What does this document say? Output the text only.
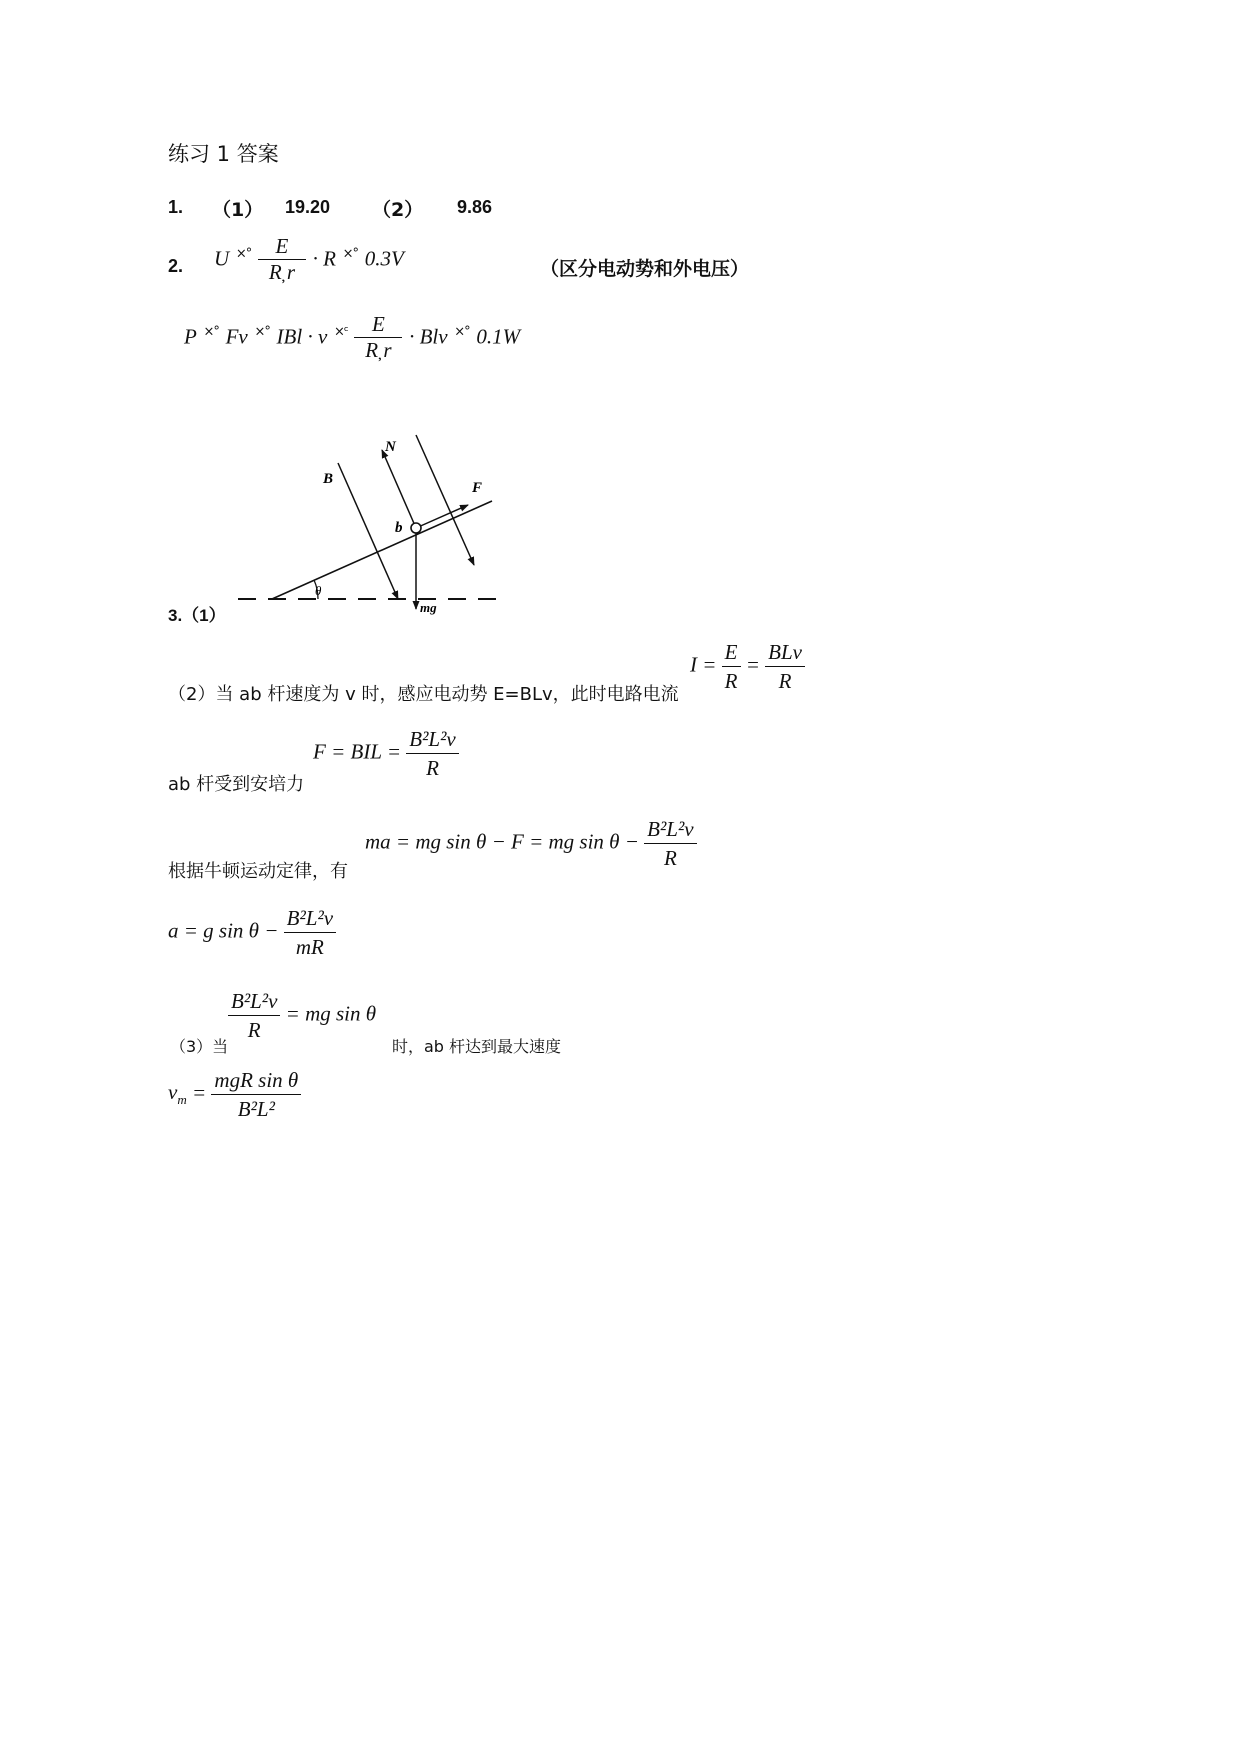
练习 1 答案
1. （1） 19.20 （2） 9.86
2. U $^{\times^\circ} \frac{E}{R̦ r} \cdot R$ ×° 0.3V	（区分电动势和外电压）
P ×° Fv ×° IBl · v $^{\times ᶜ} \frac{E}{R̦ r}$ · Blv ×° 0.1W
B
N
F
b
θ
mg
3.（1）
（2）当 ab 杆速度为 v 时，感应电动势 E=BLv，此时电路电流
$I = \frac{E}{R} = \frac{\text{BLv}}{R}$
ab 杆受到安培力
F = BIL = $\frac{\text{B²L²v}}{R}$
根据牛顿运动定律，有
ma = mg sin θ − F = mg $\sin \theta - \frac{\text{B²L²v}}{R}$
a = g $\sin \theta - \frac{\text{B²L²v}}{mR}$
（3）当
$\frac{\text{B²L²v}}{R}$ = mg sin θ
时，ab 杆达到最大速度
$v_m = \frac{\text{mgR sin θ}}{\text{B²L²}}$
